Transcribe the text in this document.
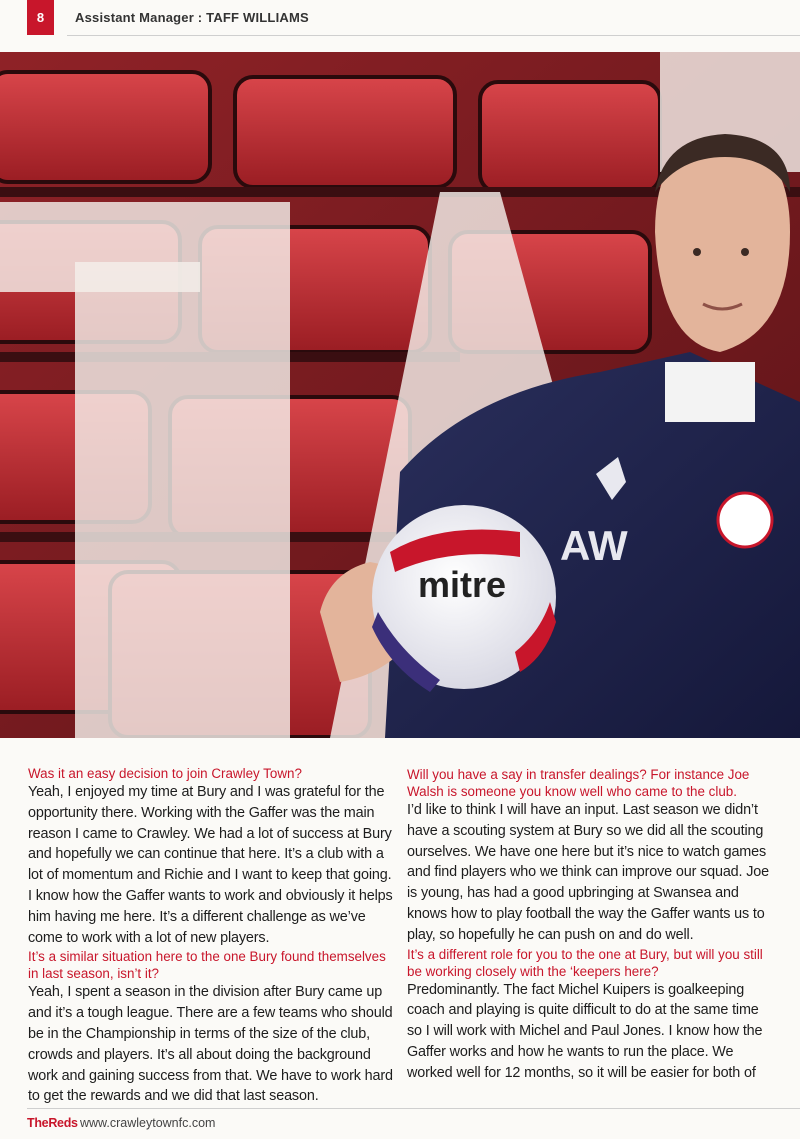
8	Assistant Manager : TAFF WILLIAMS
AW
mitre

Was it an easy decision to join Crawley Town?

Yeah, I enjoyed my time at Bury and I was grateful for the opportunity there. Working with the Gaffer was the main reason I came to Crawley. We had a lot of success at Bury and hopefully we can continue that here. It’s a club with a lot of momentum and Richie and I want to keep that going. I know how the Gaffer wants to work and obviously it helps him having me here. It’s a different challenge as we’ve come to work with a lot of new players.

It’s a similar situation here to the one Bury found themselves in last season, isn’t it?

Yeah, I spent a season in the division after Bury came up and it’s a tough league. There are a few teams who should be in the Championship in terms of the size of the club, crowds and players. It’s all about doing the background work and gaining success from that. We have to work hard to get the rewards and we did that last season.

Will you have a say in transfer dealings? For instance Joe Walsh is someone you know well who came to the club.

I’d like to think I will have an input. Last season we didn’t have a scouting system at Bury so we did all the scouting ourselves. We have one here but it’s nice to watch games and find players who we think can improve our squad. Joe is young, has had a good upbringing at Swansea and knows how to play football the way the Gaffer wants us to play, so hopefully he can push on and do well.

It’s a different role for you to the one at Bury, but will you still be working closely with the ‘keepers here?

Predominantly. The fact Michel Kuipers is goalkeeping coach and playing is quite difficult to do at the same time so I will work with Michel and Paul Jones. I know how the Gaffer works and how he wants to run the place. We worked well for 12 months, so it will be easier for both of

TheReds www.crawleytownfc.com
